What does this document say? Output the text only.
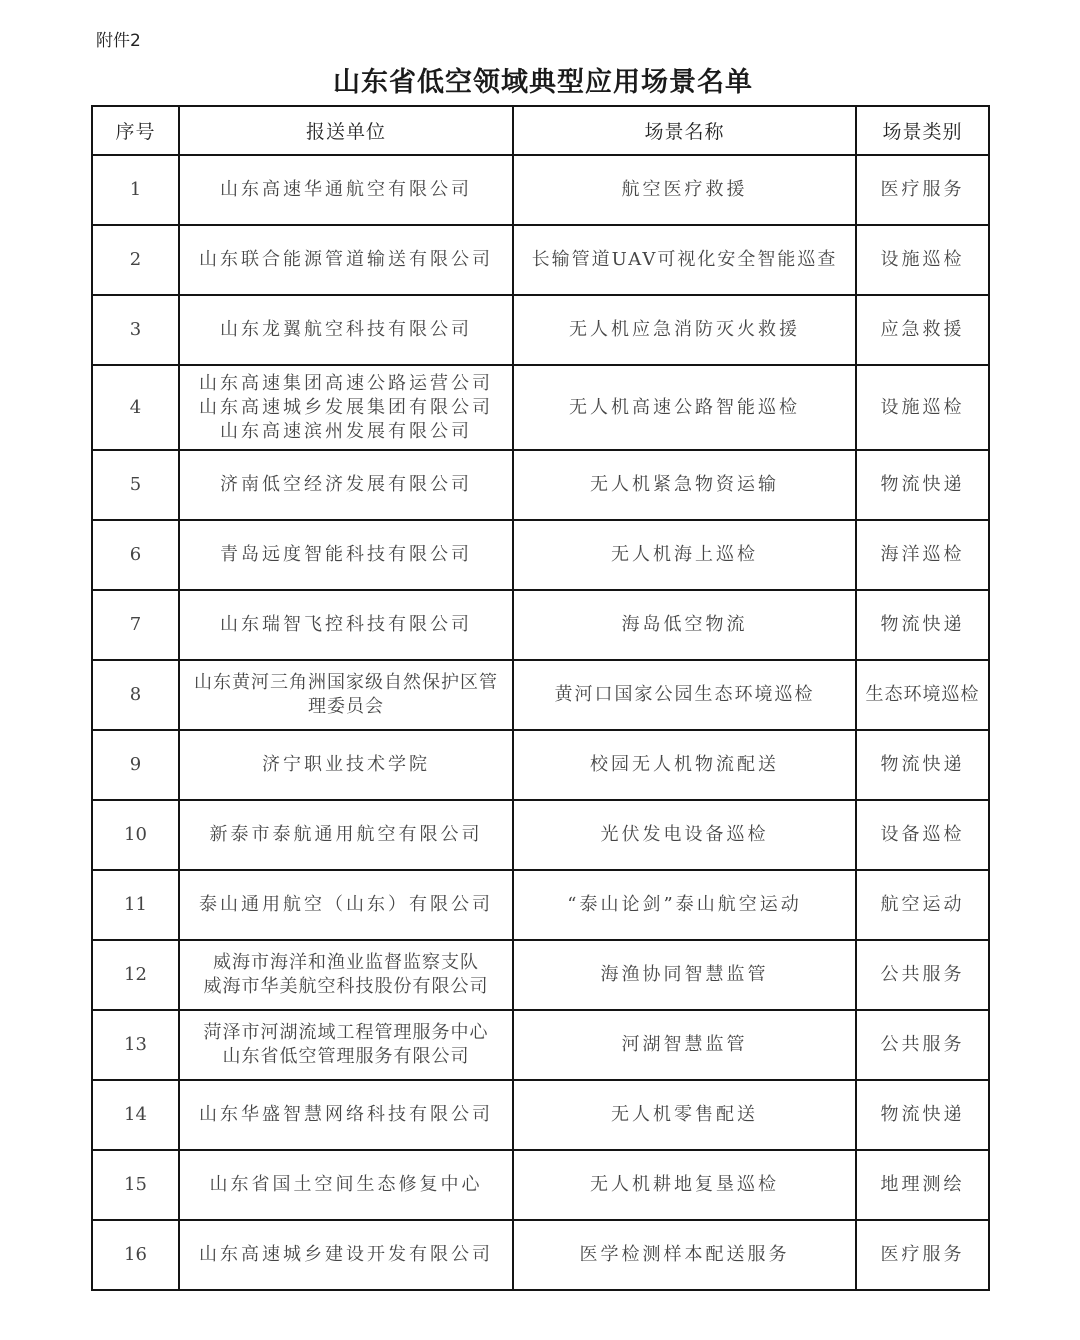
附件2
山东省低空领域典型应用场景名单
序号	报送单位	场景名称	场景类别
1	山东高速华通航空有限公司	航空医疗救援	医疗服务
2	山东联合能源管道输送有限公司	长输管道UAV可视化安全智能巡查	设施巡检
3	山东龙翼航空科技有限公司	无人机应急消防灭火救援	应急救援
4	山东高速集团高速公路运营公司
山东高速城乡发展集团有限公司
山东高速滨州发展有限公司	无人机高速公路智能巡检	设施巡检
5	济南低空经济发展有限公司	无人机紧急物资运输	物流快递
6	青岛远度智能科技有限公司	无人机海上巡检	海洋巡检
7	山东瑞智飞控科技有限公司	海岛低空物流	物流快递
8	山东黄河三角洲国家级自然保护区管
理委员会	黄河口国家公园生态环境巡检	生态环境巡检
9	济宁职业技术学院	校园无人机物流配送	物流快递
10	新泰市泰航通用航空有限公司	光伏发电设备巡检	设备巡检
11	泰山通用航空（山东）有限公司	“泰山论剑”泰山航空运动	航空运动
12	威海市海洋和渔业监督监察支队
威海市华美航空科技股份有限公司	海渔协同智慧监管	公共服务
13	菏泽市河湖流域工程管理服务中心
山东省低空管理服务有限公司	河湖智慧监管	公共服务
14	山东华盛智慧网络科技有限公司	无人机零售配送	物流快递
15	山东省国土空间生态修复中心	无人机耕地复垦巡检	地理测绘
16	山东高速城乡建设开发有限公司	医学检测样本配送服务	医疗服务
